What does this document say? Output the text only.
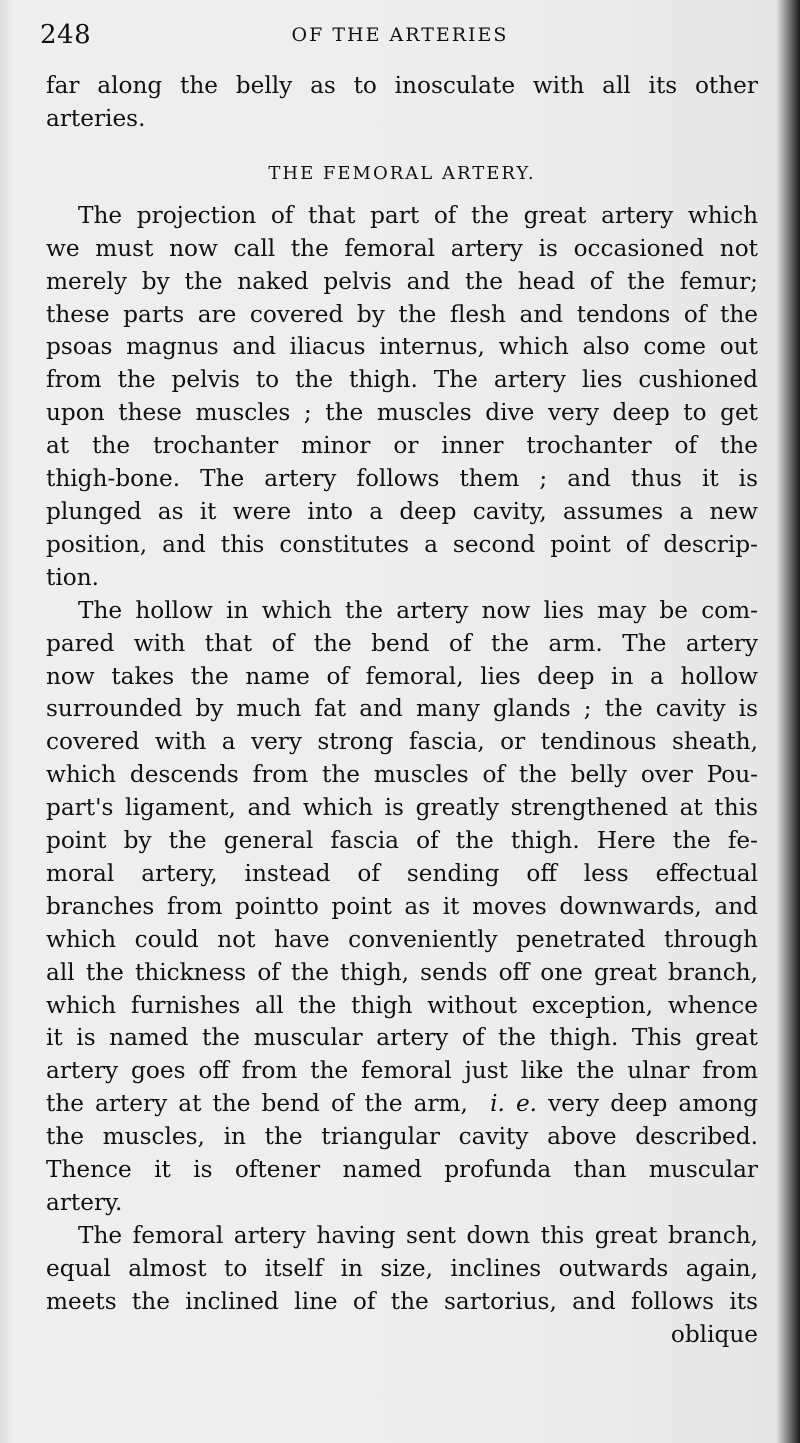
248	OF THE ARTERIES
far along the belly as to inosculate with all its other
arteries.
THE FEMORAL ARTERY.
The projection of that part of the great artery which
we must now call the femoral artery is occasioned not
merely by the naked pelvis and the head of the femur;
these parts are covered by the flesh and tendons of the
psoas magnus and iliacus internus, which also come out
from the pelvis to the thigh. The artery lies cushioned
upon these muscles ; the muscles dive very deep to get
at the trochanter minor or inner trochanter of the
thigh-bone. The artery follows them ; and thus it is
plunged as it were into a deep cavity, assumes a new
position, and this constitutes a second point of descrip-
tion.
The hollow in which the artery now lies may be com-
pared with that of the bend of the arm. The artery
now takes the name of femoral, lies deep in a hollow
surrounded by much fat and many glands ; the cavity is
covered with a very strong fascia, or tendinous sheath,
which descends from the muscles of the belly over Pou-
part's ligament, and which is greatly strengthened at this
point by the general fascia of the thigh. Here the fe-
moral artery, instead of sending off less effectual
branches from pointto point as it moves downwards, and
which could not have conveniently penetrated through
all the thickness of the thigh, sends off one great branch,
which furnishes all the thigh without exception, whence
it is named the muscular artery of the thigh. This great
artery goes off from the femoral just like the ulnar from
the artery at the bend of the arm, i. e. very deep among
the muscles, in the triangular cavity above described.
Thence it is oftener named profunda than muscular
artery.
The femoral artery having sent down this great branch,
equal almost to itself in size, inclines outwards again,
meets the inclined line of the sartorius, and follows its
oblique
